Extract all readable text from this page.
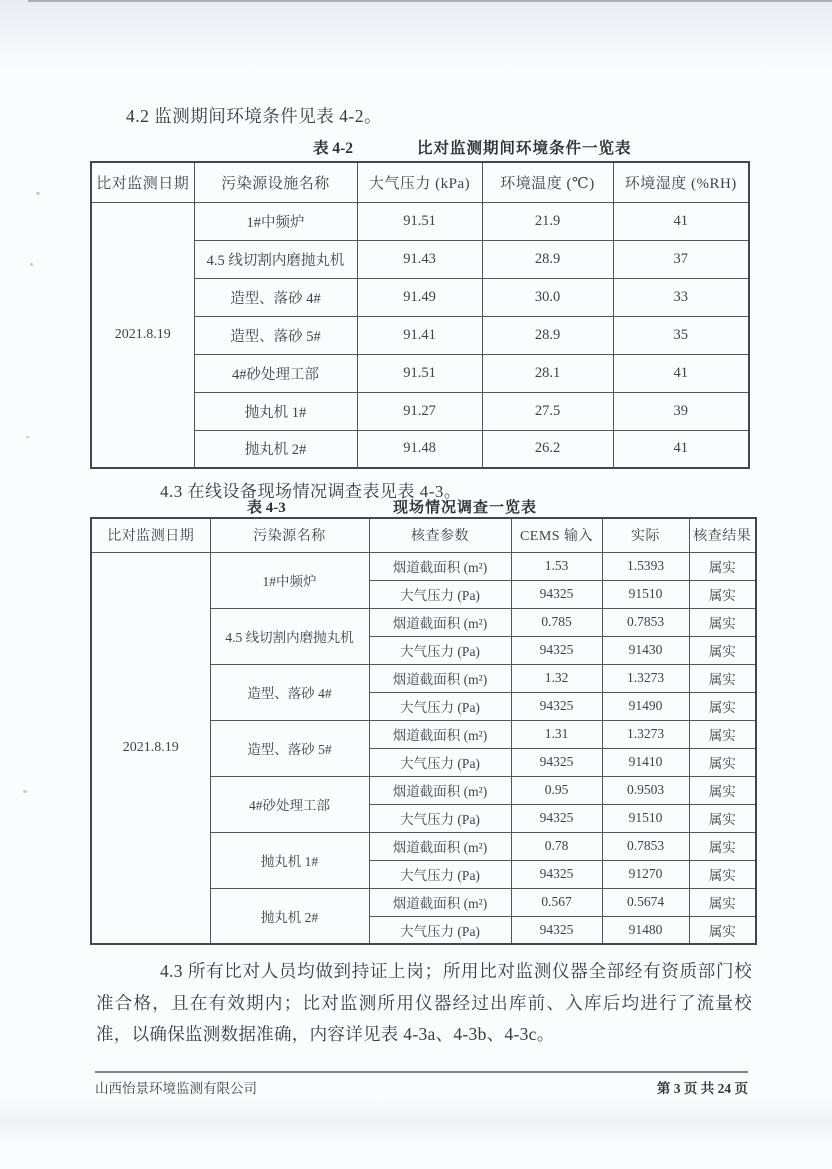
4.2 监测期间环境条件见表 4-2。
表 4-2	比对监测期间环境条件一览表
比对监测日期	污染源设施名称	大气压力 (kPa)	环境温度 (℃)	环境湿度 (%RH)
2021.8.19	1#中频炉	91.51	21.9	41
	4.5 线切割内磨抛丸机	91.43	28.9	37
	造型、落砂 4#	91.49	30.0	33
	造型、落砂 5#	91.41	28.9	35
	4#砂处理工部	91.51	28.1	41
	抛丸机 1#	91.27	27.5	39
	抛丸机 2#	91.48	26.2	41
4.3 在线设备现场情况调查表见表 4-3。
表 4-3	现场情况调查一览表
比对监测日期	污染源名称	核查参数	CEMS 输入	实际	核查结果
2021.8.19	1#中频炉	烟道截面积 (m²)	1.53	1.5393	属实
		大气压力 (Pa)	94325	91510	属实
	4.5 线切割内磨抛丸机	烟道截面积 (m²)	0.785	0.7853	属实
		大气压力 (Pa)	94325	91430	属实
	造型、落砂 4#	烟道截面积 (m²)	1.32	1.3273	属实
		大气压力 (Pa)	94325	91490	属实
	造型、落砂 5#	烟道截面积 (m²)	1.31	1.3273	属实
		大气压力 (Pa)	94325	91410	属实
	4#砂处理工部	烟道截面积 (m²)	0.95	0.9503	属实
		大气压力 (Pa)	94325	91510	属实
	抛丸机 1#	烟道截面积 (m²)	0.78	0.7853	属实
		大气压力 (Pa)	94325	91270	属实
	抛丸机 2#	烟道截面积 (m²)	0.567	0.5674	属实
		大气压力 (Pa)	94325	91480	属实

4.3 所有比对人员均做到持证上岗；所用比对监测仪器全部经有资质部门校准合格，且在有效期内；比对监测所用仪器经过出库前、入库后均进行了流量校准，以确保监测数据准确，内容详见表 4-3a、4-3b、4-3c。

山西怡景环境监测有限公司	第 3 页 共 24 页
